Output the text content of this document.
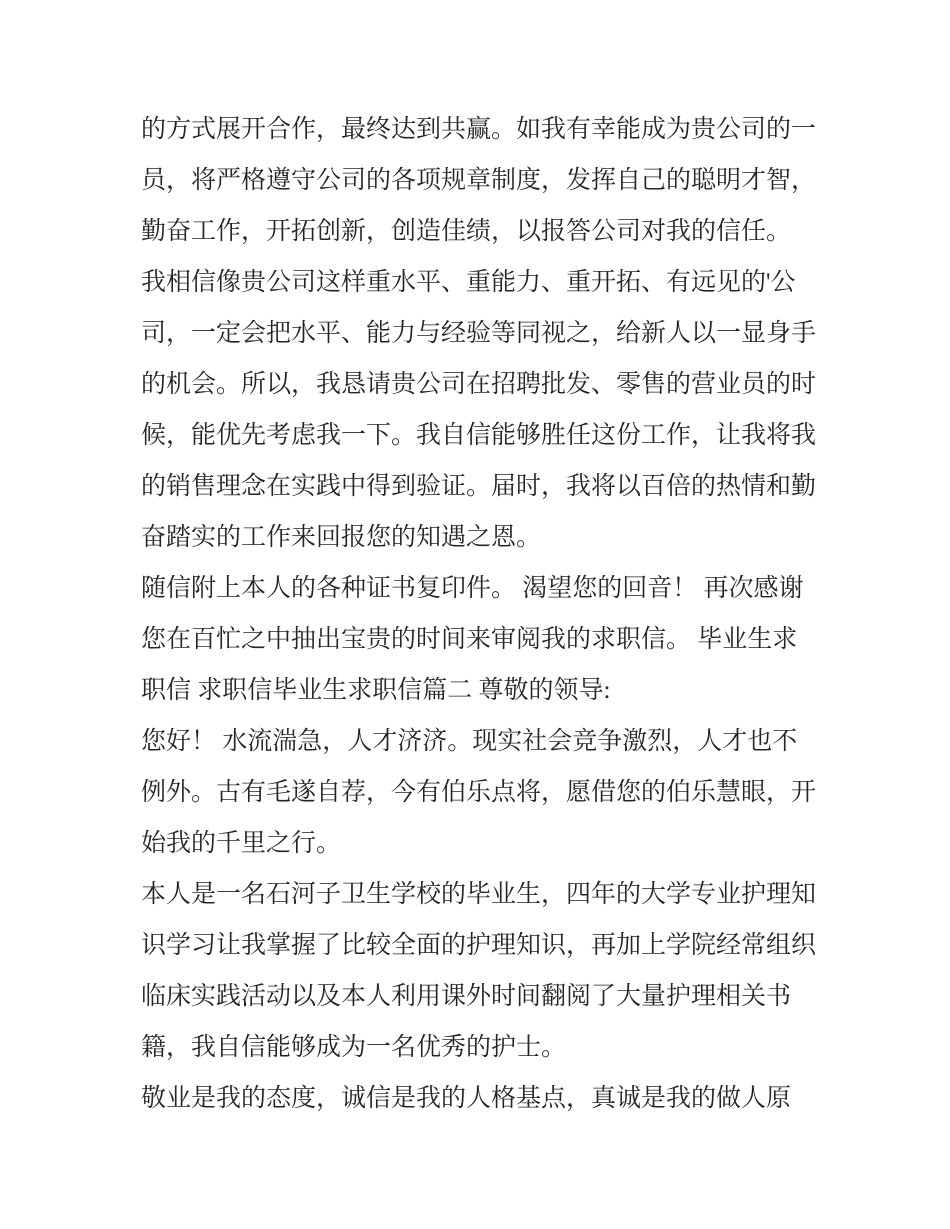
的方式展开合作，最终达到共赢。如我有幸能成为贵公司的一
员，将严格遵守公司的各项规章制度，发挥自己的聪明才智，
勤奋工作，开拓创新，创造佳绩，以报答公司对我的信任。
我相信像贵公司这样重水平、重能力、重开拓、有远见的'公
司，一定会把水平、能力与经验等同视之，给新人以一显身手
的机会。所以，我恳请贵公司在招聘批发、零售的营业员的时
候，能优先考虑我一下。我自信能够胜任这份工作，让我将我
的销售理念在实践中得到验证。届时，我将以百倍的热情和勤
奋踏实的工作来回报您的知遇之恩。
随信附上本人的各种证书复印件。 渴望您的回音！ 再次感谢
您在百忙之中抽出宝贵的时间来审阅我的求职信。 毕业生求
职信 求职信毕业生求职信篇二 尊敬的领导:
您好！ 水流湍急，人才济济。现实社会竞争激烈，人才也不
例外。古有毛遂自荐，今有伯乐点将，愿借您的伯乐慧眼，开
始我的千里之行。
本人是一名石河子卫生学校的毕业生，四年的大学专业护理知
识学习让我掌握了比较全面的护理知识，再加上学院经常组织
临床实践活动以及本人利用课外时间翻阅了大量护理相关书
籍，我自信能够成为一名优秀的护士。
敬业是我的态度，诚信是我的人格基点，真诚是我的做人原
